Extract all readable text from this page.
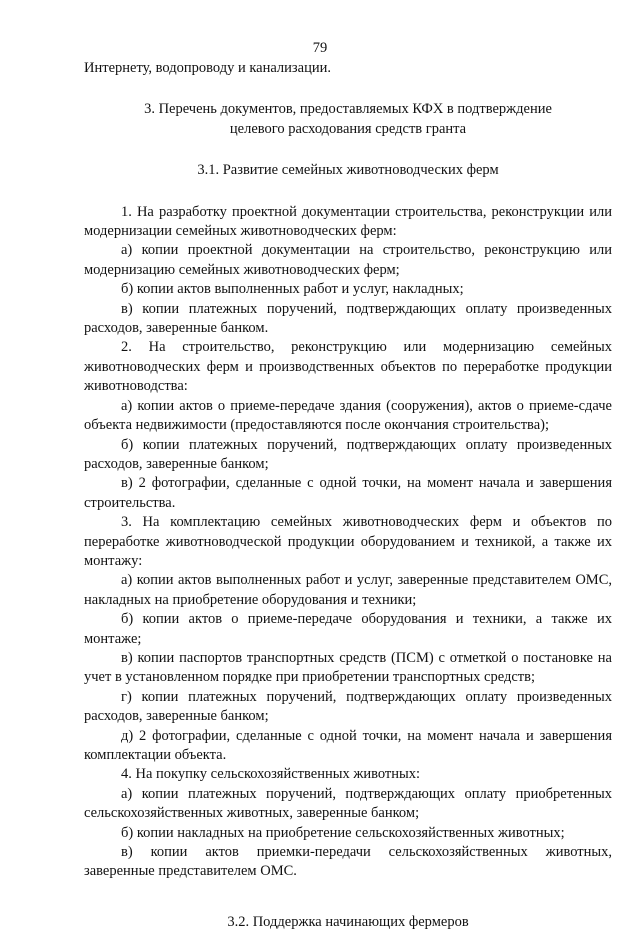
79

Интернету, водопроводу и канализации.

3. Перечень документов, предоставляемых КФХ в подтверждение
целевого расходования средств гранта

3.1. Развитие семейных животноводческих ферм

1. На разработку проектной документации строительства, реконструкции или модернизации семейных животноводческих ферм:

а) копии проектной документации на строительство, реконструкцию или модернизацию семейных животноводческих ферм;

б) копии актов выполненных работ и услуг, накладных;

в) копии платежных поручений, подтверждающих оплату произведенных расходов, заверенные банком.

2. На строительство, реконструкцию или модернизацию семейных животноводческих ферм и производственных объектов по переработке продукции животноводства:

а) копии актов о приеме-передаче здания (сооружения), актов о приеме-сдаче объекта недвижимости (предоставляются после окончания строительства);

б) копии платежных поручений, подтверждающих оплату произведенных расходов, заверенные банком;

в) 2 фотографии, сделанные с одной точки, на момент начала и завершения строительства.

3. На комплектацию семейных животноводческих ферм и объектов по переработке животноводческой продукции оборудованием и техникой, а также их монтажу:

а) копии актов выполненных работ и услуг, заверенные представителем ОМС, накладных на приобретение оборудования и техники;

б) копии актов о приеме-передаче оборудования и техники, а также их монтаже;

в) копии паспортов транспортных средств (ПСМ) с отметкой о постановке на учет в установленном порядке при приобретении транспортных средств;

г) копии платежных поручений, подтверждающих оплату произведенных расходов, заверенные банком;

д) 2 фотографии, сделанные с одной точки, на момент начала и завершения комплектации объекта.

4. На покупку сельскохозяйственных животных:

а) копии платежных поручений, подтверждающих оплату приобретенных сельскохозяйственных животных, заверенные банком;

б) копии накладных на приобретение сельскохозяйственных животных;

в) копии актов приемки-передачи сельскохозяйственных животных, заверенные представителем ОМС.

3.2. Поддержка начинающих фермеров
